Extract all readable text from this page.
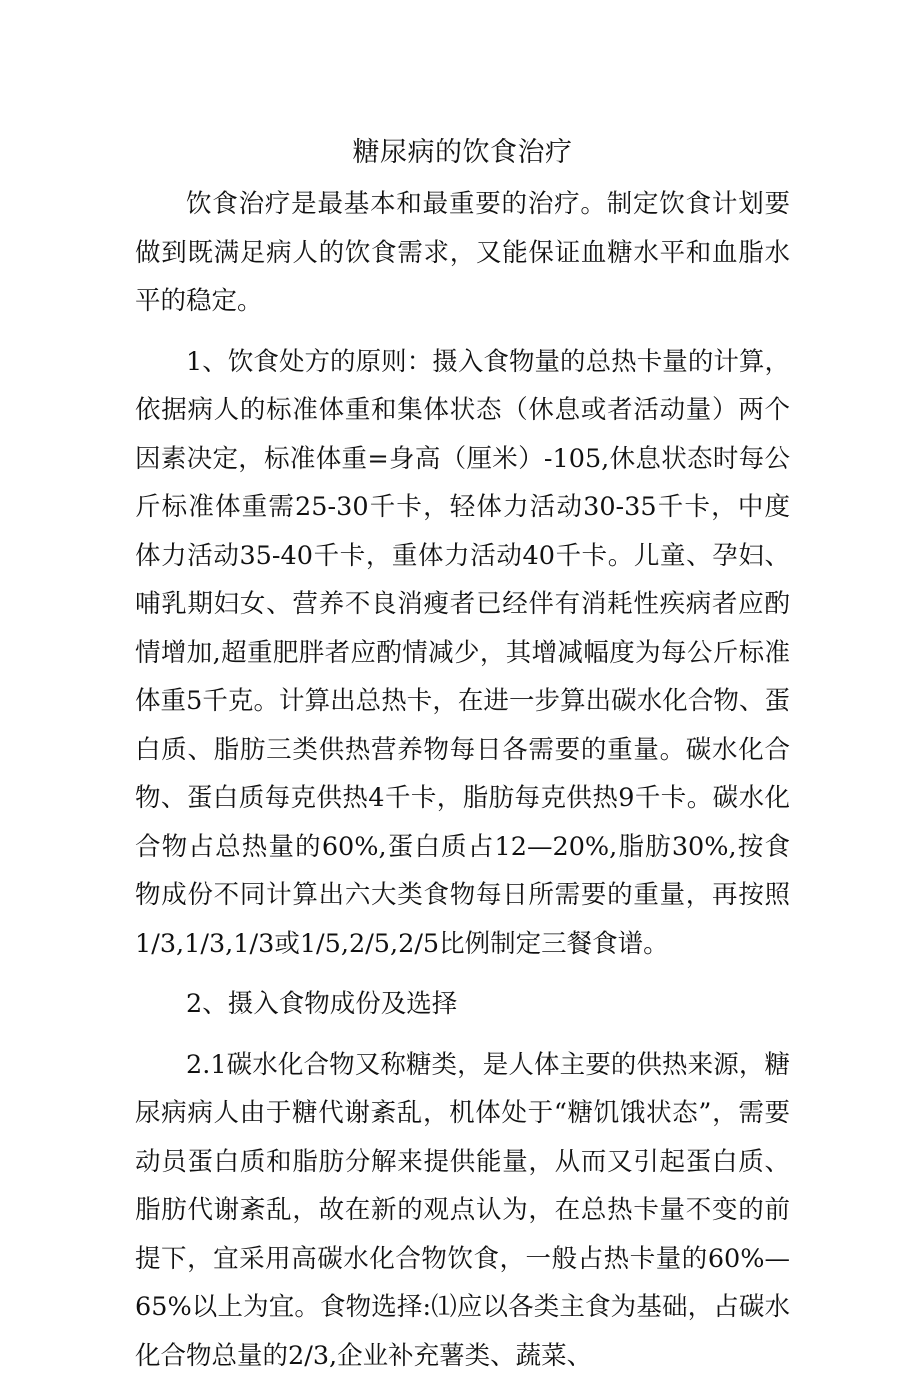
糖尿病的饮食治疗

饮食治疗是最基本和最重要的治疗。制定饮食计划要做到既满足病人的饮食需求，又能保证血糖水平和血脂水平的稳定。

1、饮食处方的原则：摄入食物量的总热卡量的计算，依据病人的标准体重和集体状态（休息或者活动量）两个因素决定，标准体重=身高（厘米）-105,休息状态时每公斤标准体重需25-30千卡，轻体力活动30-35千卡，中度体力活动35-40千卡，重体力活动40千卡。儿童、孕妇、哺乳期妇女、营养不良消瘦者已经伴有消耗性疾病者应酌情增加,超重肥胖者应酌情减少，其增减幅度为每公斤标准体重5千克。计算出总热卡，在进一步算出碳水化合物、蛋白质、脂肪三类供热营养物每日各需要的重量。碳水化合物、蛋白质每克供热4千卡，脂肪每克供热9千卡。碳水化合物占总热量的60%,蛋白质占12—20%,脂肪30%,按食物成份不同计算出六大类食物每日所需要的重量，再按照1/3,1/3,1/3或1/5,2/5,2/5比例制定三餐食谱。

2、摄入食物成份及选择

2.1碳水化合物又称糖类，是人体主要的供热来源，糖尿病病人由于糖代谢紊乱，机体处于“糖饥饿状态”，需要动员蛋白质和脂肪分解来提供能量，从而又引起蛋白质、脂肪代谢紊乱，故在新的观点认为，在总热卡量不变的前提下，宜采用高碳水化合物饮食，一般占热卡量的60%—65%以上为宜。食物选择:⑴应以各类主食为基础，占碳水化合物总量的2/3,企业补充薯类、蔬菜、
